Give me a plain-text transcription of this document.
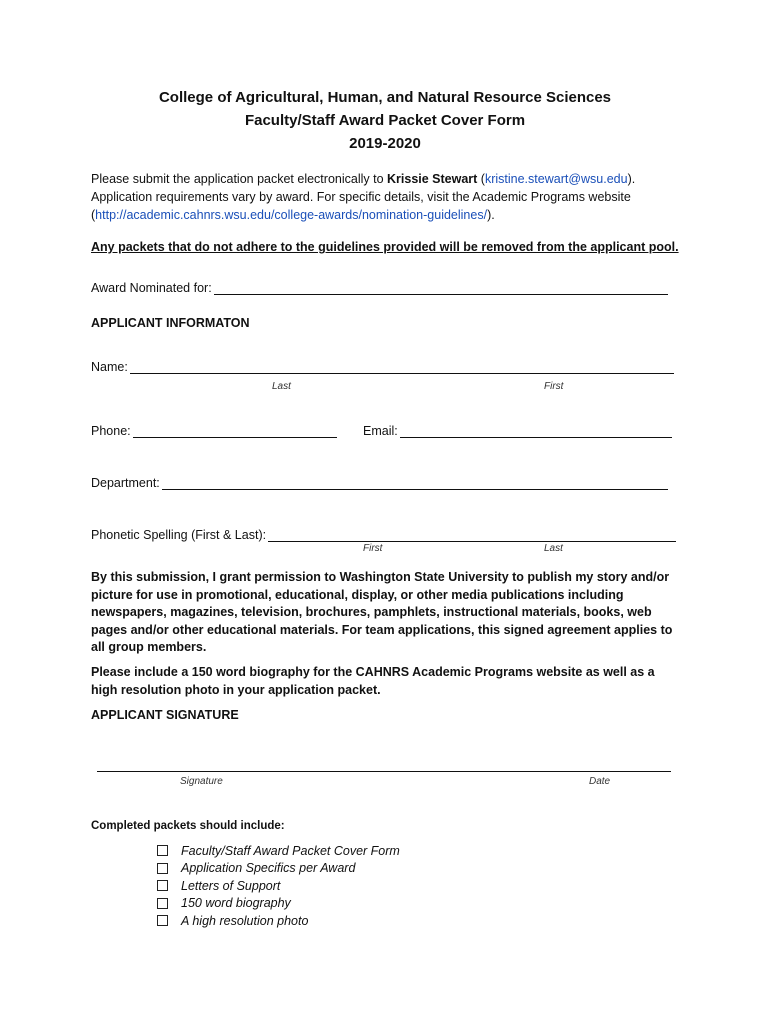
College of Agricultural, Human, and Natural Resource Sciences
Faculty/Staff Award Packet Cover Form
2019-2020
Please submit the application packet electronically to Krissie Stewart (kristine.stewart@wsu.edu).
Application requirements vary by award. For specific details, visit the Academic Programs website
(http://academic.cahnrs.wsu.edu/college-awards/nomination-guidelines/).
Any packets that do not adhere to the guidelines provided will be removed from the applicant pool.
Award Nominated for:
APPLICANT INFORMATON
Name:
Last	First
Phone:	Email:
Department:
Phonetic Spelling (First & Last):
First	Last
By this submission, I grant permission to Washington State University to publish my story and/or picture for use in promotional, educational, display, or other media publications including newspapers, magazines, television, brochures, pamphlets, instructional materials, books, web pages and/or other educational materials. For team applications, this signed agreement applies to all group members.
Please include a 150 word biography for the CAHNRS Academic Programs website as well as a high resolution photo in your application packet.
APPLICANT SIGNATURE
Signature	Date
Completed packets should include:
Faculty/Staff Award Packet Cover Form
Application Specifics per Award
Letters of Support
150 word biography
A high resolution photo
